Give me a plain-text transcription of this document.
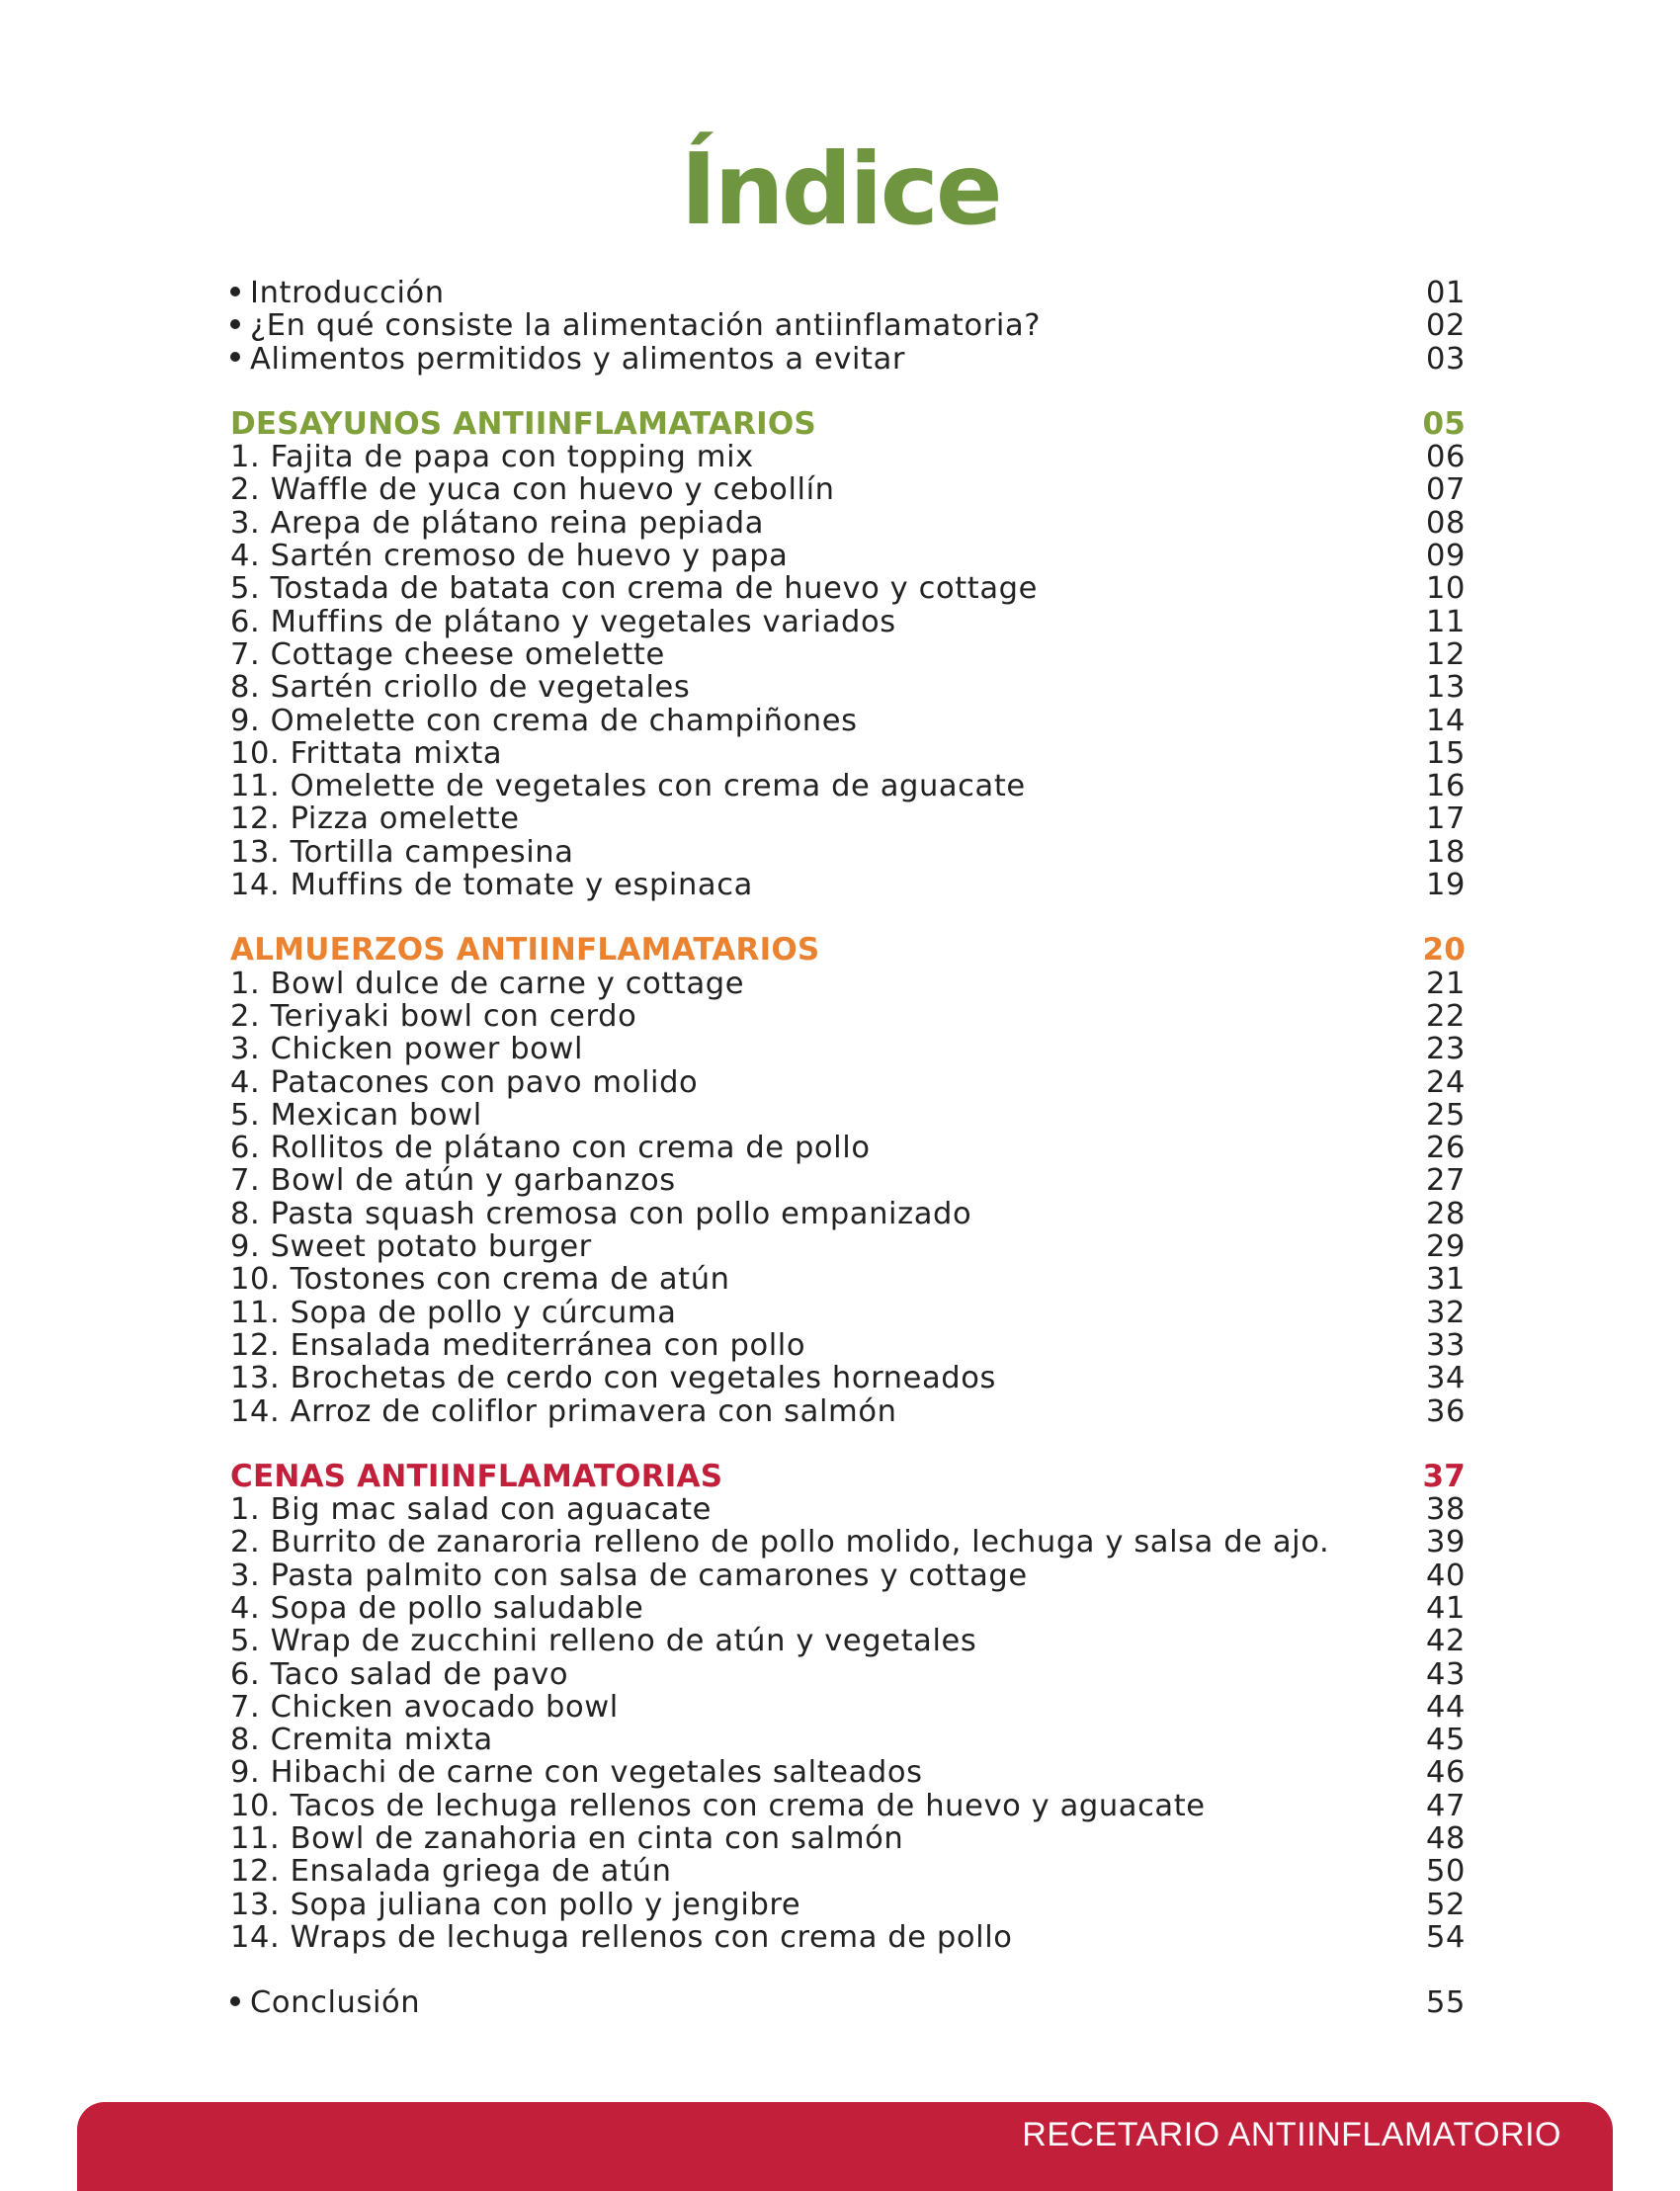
Índice
Introducción	01
¿En qué consiste la alimentación antiinflamatoria?	02
Alimentos permitidos y alimentos a evitar	03
DESAYUNOS ANTIINFLAMATARIOS	05
1. Fajita de papa con topping mix	06
2. Waffle de yuca con huevo y cebollín	07
3. Arepa de plátano reina pepiada	08
4. Sartén cremoso de huevo y papa	09
5. Tostada de batata con crema de huevo y cottage	10
6. Muffins de plátano y vegetales variados	11
7. Cottage cheese omelette	12
8. Sartén criollo de vegetales	13
9. Omelette con crema de champiñones	14
10. Frittata mixta	15
11. Omelette de vegetales con crema de aguacate	16
12. Pizza omelette	17
13. Tortilla campesina	18
14. Muffins de tomate y espinaca	19
ALMUERZOS ANTIINFLAMATARIOS	20
1. Bowl dulce de carne y cottage	21
2. Teriyaki bowl con cerdo	22
3. Chicken power bowl	23
4. Patacones con pavo molido	24
5. Mexican bowl	25
6. Rollitos de plátano con crema de pollo	26
7. Bowl de atún y garbanzos	27
8. Pasta squash cremosa con pollo empanizado	28
9. Sweet potato burger	29
10. Tostones con crema de atún	31
11. Sopa de pollo y cúrcuma	32
12. Ensalada mediterránea con pollo	33
13. Brochetas de cerdo con vegetales horneados	34
14. Arroz de coliflor primavera con salmón	36
CENAS ANTIINFLAMATORIAS	37
1. Big mac salad con aguacate	38
2. Burrito de zanaroria relleno de pollo molido, lechuga y salsa de ajo.	39
3. Pasta palmito con salsa de camarones y cottage	40
4. Sopa de pollo saludable	41
5. Wrap de zucchini relleno de atún y vegetales	42
6. Taco salad de pavo	43
7. Chicken avocado bowl	44
8. Cremita mixta	45
9. Hibachi de carne con vegetales salteados	46
10. Tacos de lechuga rellenos con crema de huevo y aguacate	47
11. Bowl de zanahoria en cinta con salmón	48
12. Ensalada griega de atún	50
13. Sopa juliana con pollo y jengibre	52
14. Wraps de lechuga rellenos con crema de pollo	54
Conclusión	55
RECETARIO ANTIINFLAMATORIO
